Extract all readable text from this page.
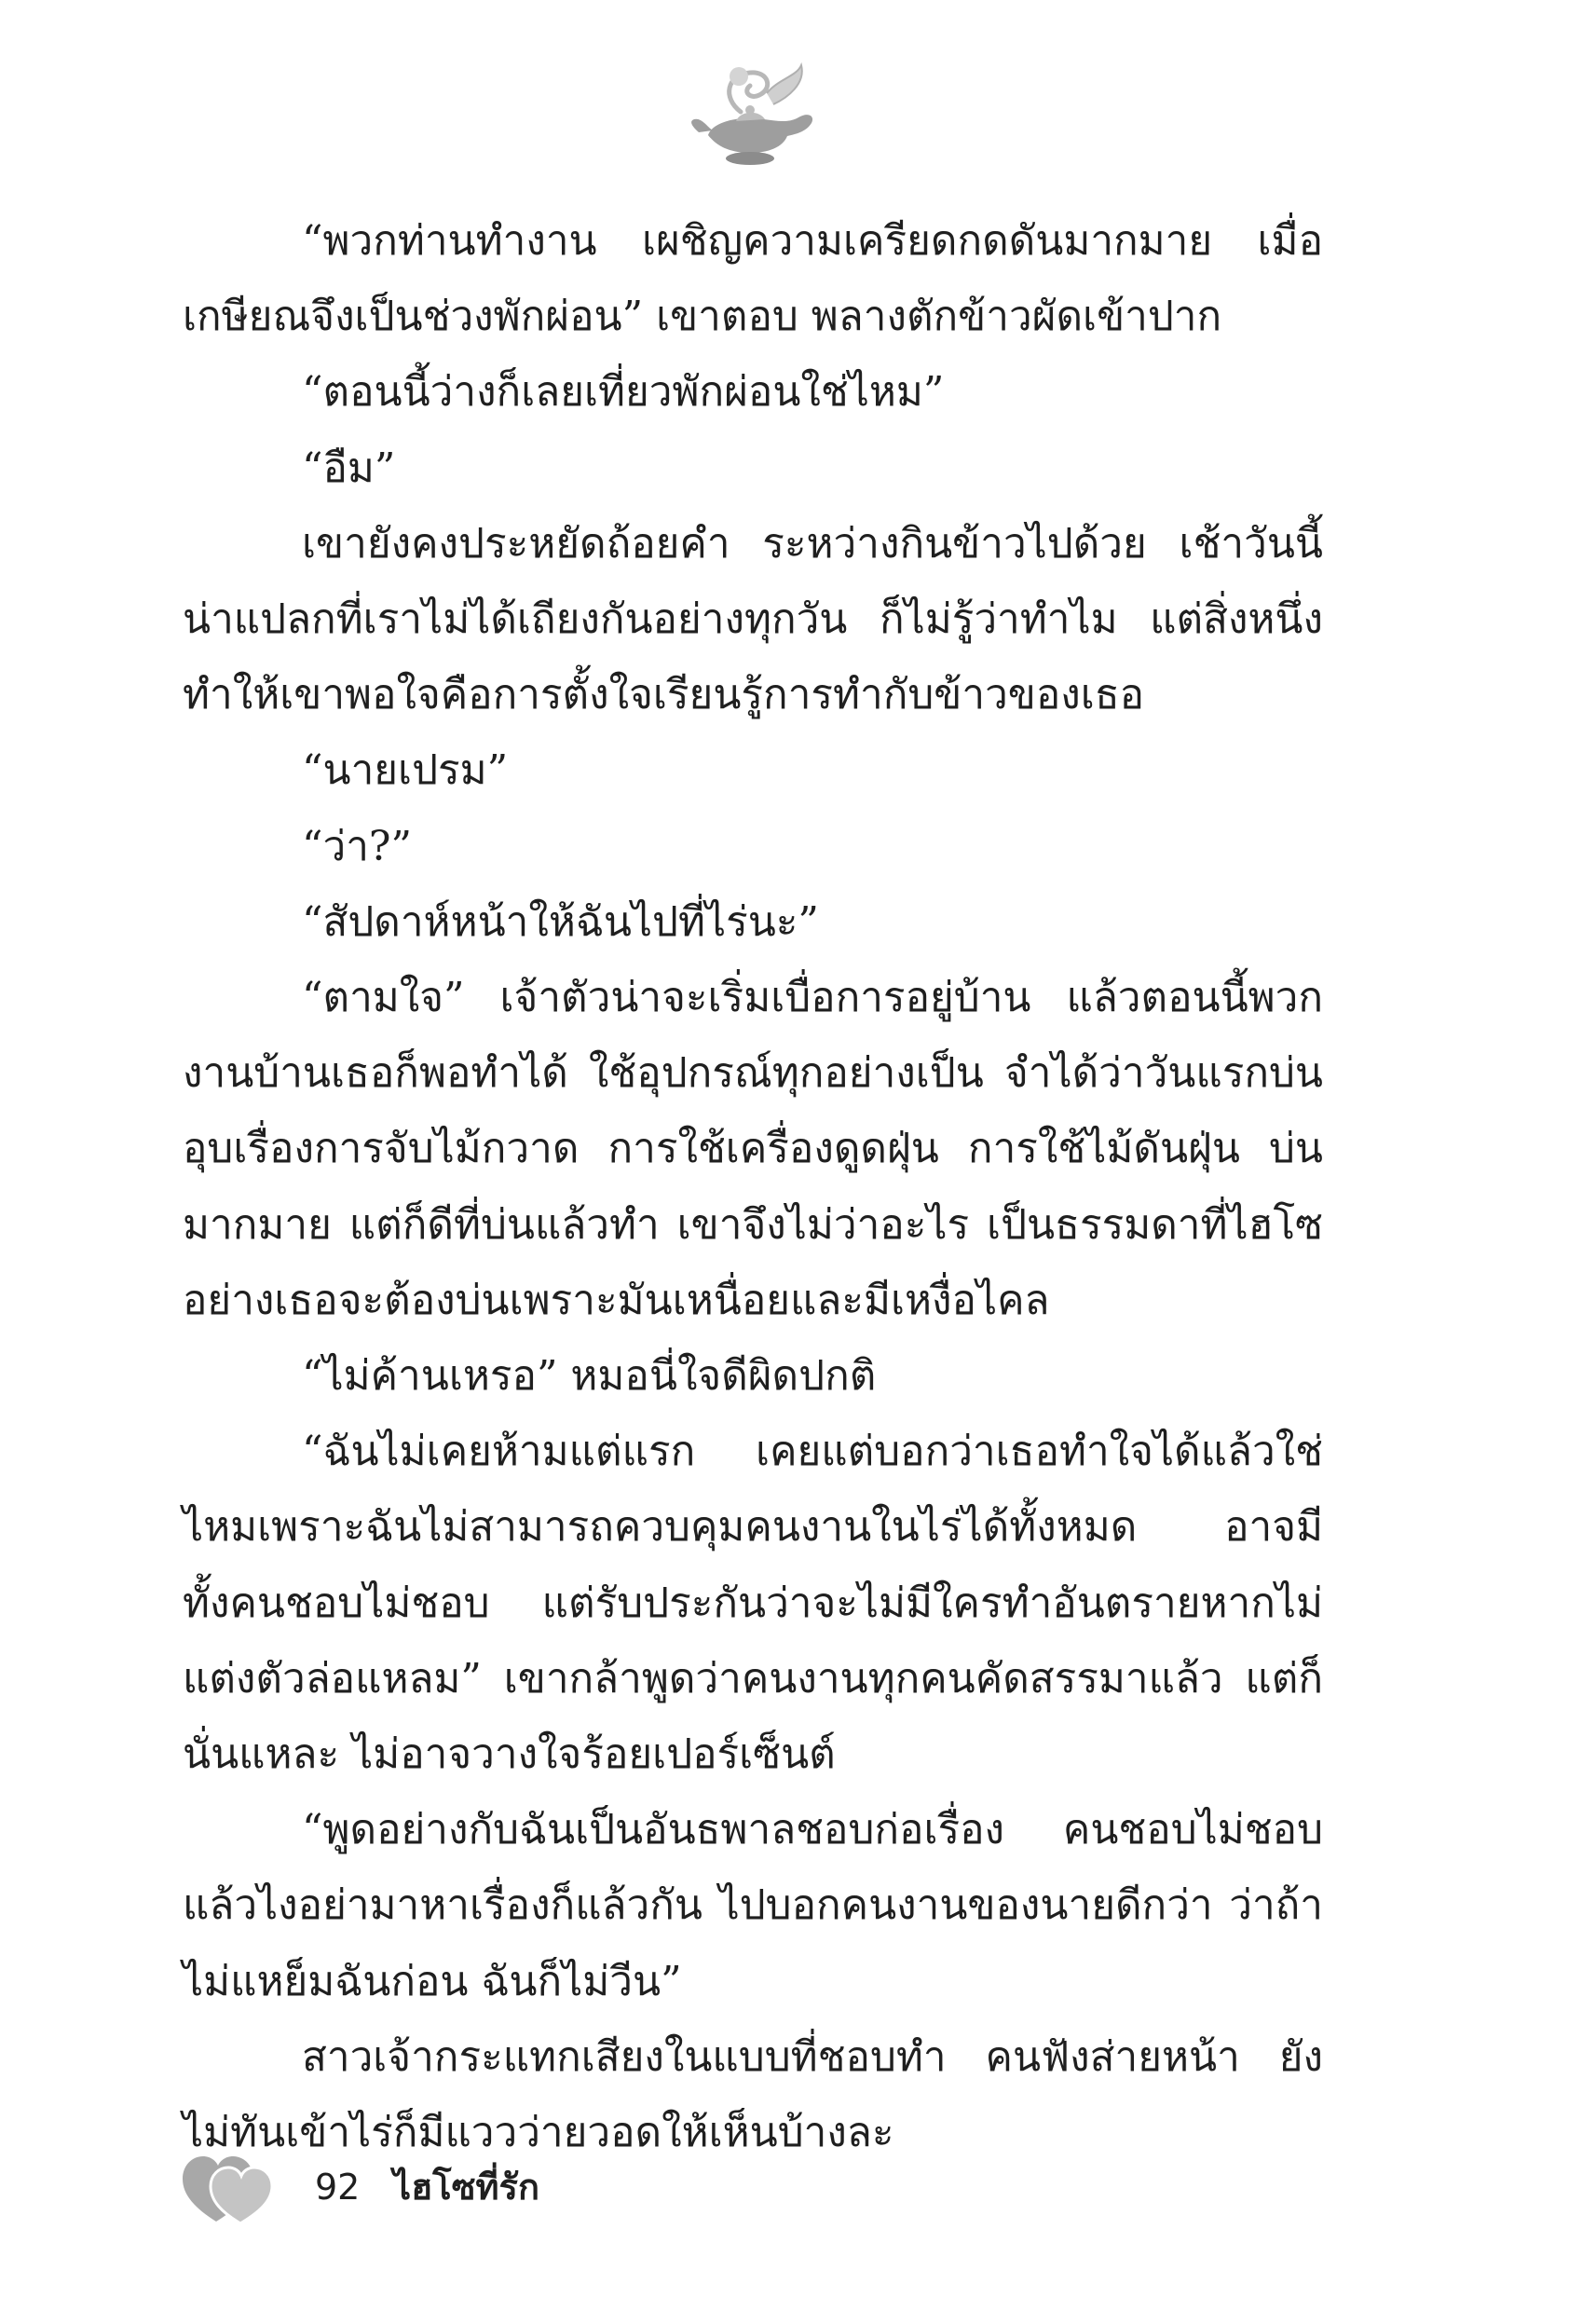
“พวกท่านทำงาน เผชิญความเครียดกดดันมากมาย เมื่อเกษียณจึงเป็นช่วงพักผ่อน” เขาตอบ พลางตักข้าวผัดเข้าปาก

“ตอนนี้ว่างก็เลยเที่ยวพักผ่อนใช่ไหม”

“อืม”

เขายังคงประหยัดถ้อยคำ ระหว่างกินข้าวไปด้วย เช้าวันนี้น่าแปลกที่เราไม่ได้เถียงกันอย่างทุกวัน ก็ไม่รู้ว่าทำไม แต่สิ่งหนึ่งทำให้เขาพอใจคือการตั้งใจเรียนรู้การทำกับข้าวของเธอ

“นายเปรม”

“ว่า?”

“สัปดาห์หน้าให้ฉันไปที่ไร่นะ”

“ตามใจ” เจ้าตัวน่าจะเริ่มเบื่อการอยู่บ้าน แล้วตอนนี้พวกงานบ้านเธอก็พอทำได้ ใช้อุปกรณ์ทุกอย่างเป็น จำได้ว่าวันแรกบ่นอุบเรื่องการจับไม้กวาด การใช้เครื่องดูดฝุ่น การใช้ไม้ดันฝุ่น บ่นมากมาย แต่ก็ดีที่บ่นแล้วทำ เขาจึงไม่ว่าอะไร เป็นธรรมดาที่ไฮโซอย่างเธอจะต้องบ่นเพราะมันเหนื่อยและมีเหงื่อไคล

“ไม่ค้านเหรอ” หมอนี่ใจดีผิดปกติ

“ฉันไม่เคยห้ามแต่แรก เคยแต่บอกว่าเธอทำใจได้แล้วใช่ไหมเพราะฉันไม่สามารถควบคุมคนงานในไร่ได้ทั้งหมด อาจมีทั้งคนชอบไม่ชอบ แต่รับประกันว่าจะไม่มีใครทำอันตรายหากไม่แต่งตัวล่อแหลม” เขากล้าพูดว่าคนงานทุกคนคัดสรรมาแล้ว แต่ก็นั่นแหละ ไม่อาจวางใจร้อยเปอร์เซ็นต์

“พูดอย่างกับฉันเป็นอันธพาลชอบก่อเรื่อง คนชอบไม่ชอบแล้วไงอย่ามาหาเรื่องก็แล้วกัน ไปบอกคนงานของนายดีกว่า ว่าถ้าไม่แหย็มฉันก่อน ฉันก็ไม่วีน”

สาวเจ้ากระแทกเสียงในแบบที่ชอบทำ คนฟังส่ายหน้า ยังไม่ทันเข้าไร่ก็มีแววว่ายวอดให้เห็นบ้างละ

92 ไฮโซที่รัก
